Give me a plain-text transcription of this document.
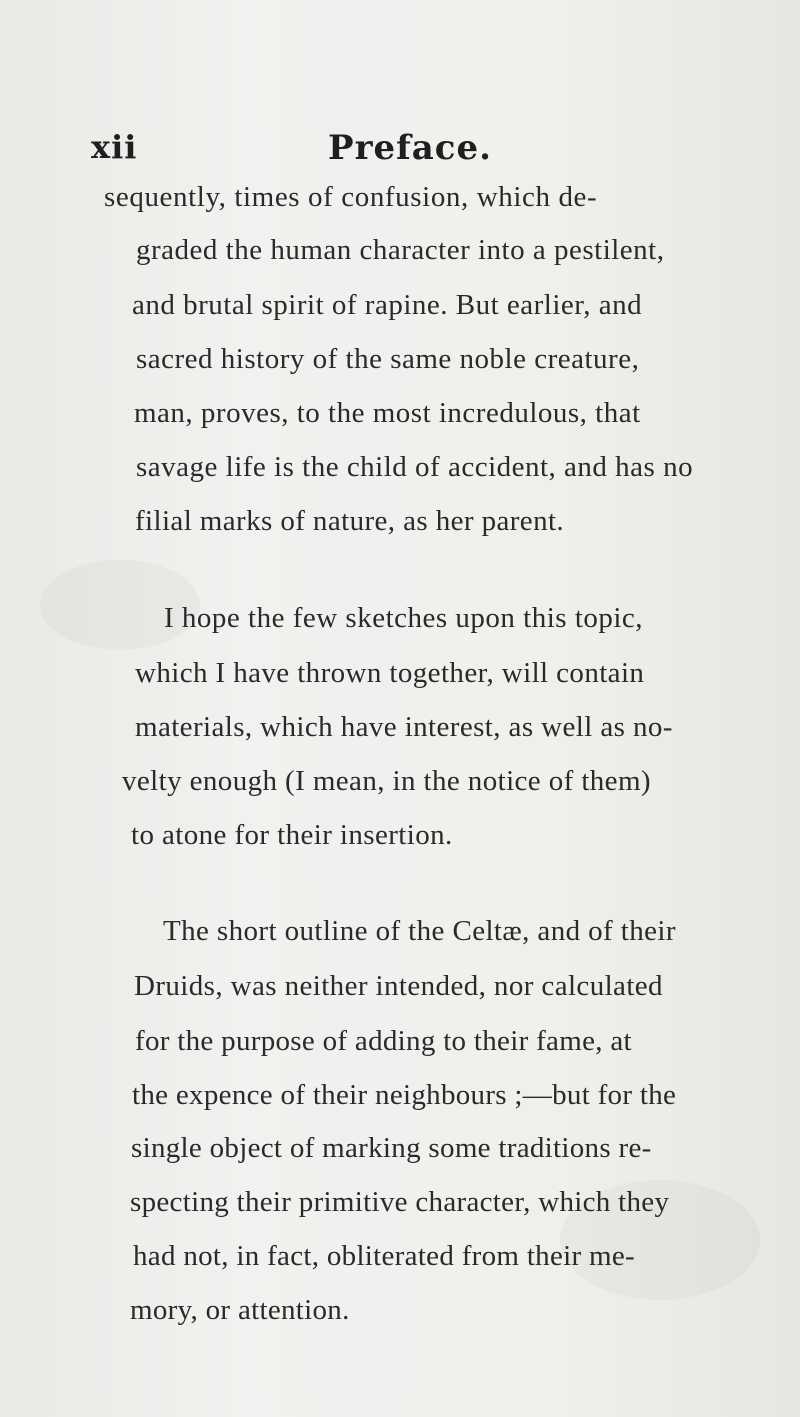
xii	Preface.
sequently, times of confusion, which de-
graded the human character into a pestilent,
and brutal spirit of rapine. But earlier, and
sacred history of the same noble creature,
man, proves, to the most incredulous, that
savage life is the child of accident, and has no
filial marks of nature, as her parent.
I hope the few sketches upon this topic,
which I have thrown together, will contain
materials, which have interest, as well as no-
velty enough (I mean, in the notice of them)
to atone for their insertion.
The short outline of the Celtæ, and of their
Druids, was neither intended, nor calculated
for the purpose of adding to their fame, at
the expence of their neighbours ;—but for the
single object of marking some traditions re-
specting their primitive character, which they
had not, in fact, obliterated from their me-
mory, or attention.
